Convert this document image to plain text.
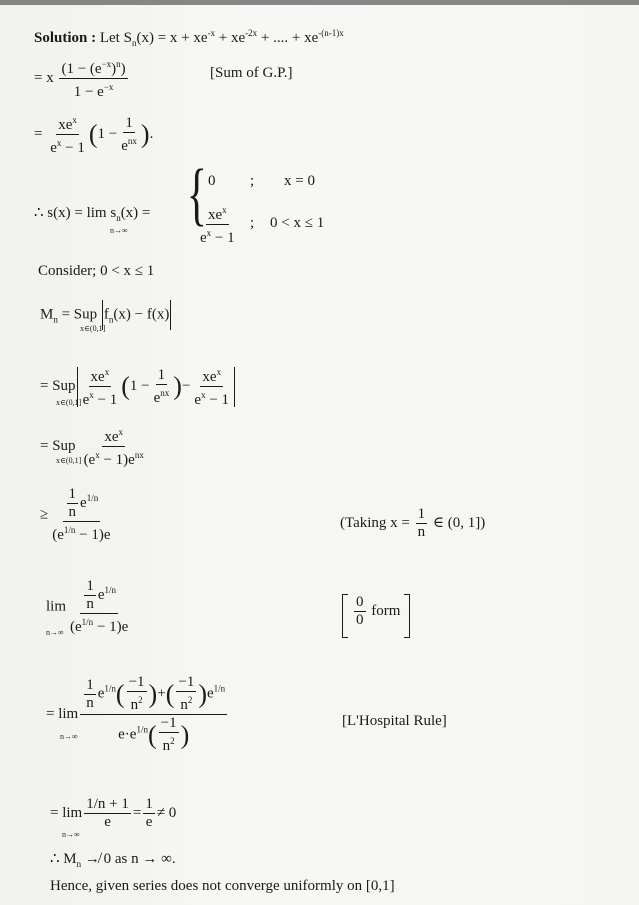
Solution : Let $S_n(x) = x + xe^{-x} + xe^{-2x}$ + .... + $xe^{-(n-1)x}$
= x $\frac{(1 - (e^{-x})^n)}{1 - e^{-x}}$	[Sum of G.P.]
= $\frac{xe^x}{e^x - 1} (1 - \frac{1}{e^{nx}}$ ).
∴ $s(x) = \lim s_n(x)$ =
n→∞ { 0 ; x = 0
$\frac{xe^x}{e^x - 1}$ ; 0 < x ≤ 1
Consider; 0 < x ≤ 1
$M_n$ = Sup $f_n(x) - f(x)$
x∈(0,1]
= Sup $\frac{xe^x}{e^x - 1} (1 - \frac{1}{e^{nx}}$ )− $\frac{xe^x}{e^x - 1}$
x∈(0,1]
= Sup $\frac{xe^x}{(e^x - 1)e^{nx}}$
x∈(0,1]
≥ $\frac{\frac{1}{n} e^{1/n}}{(e^{1/n} - 1)e}$	(Taking $x = \frac{1}{n}$ ∈ (0, 1])
$\lim \frac{\frac{1}{n} e^{1/n}}{(e^{1/n} - 1)e}$
n→∞
$\frac{0}{0}$ form
= $\lim \frac{\frac{1}{n} e^{1/n}( \frac{-1}{n^2} )+( \frac{-1}{n^2} )e^{1/n}}{e\cdot e^{1/n}( \frac{-1}{n^2} )}$
n→∞
[L'Hospital Rule]
= $\lim \frac{1/n + 1}{e} = \frac{1}{e} \ne 0$
n→∞
∴ $M_n$ ↛ 0 as n → ∞.
Hence, given series does not converge uniformly on [0,1]
